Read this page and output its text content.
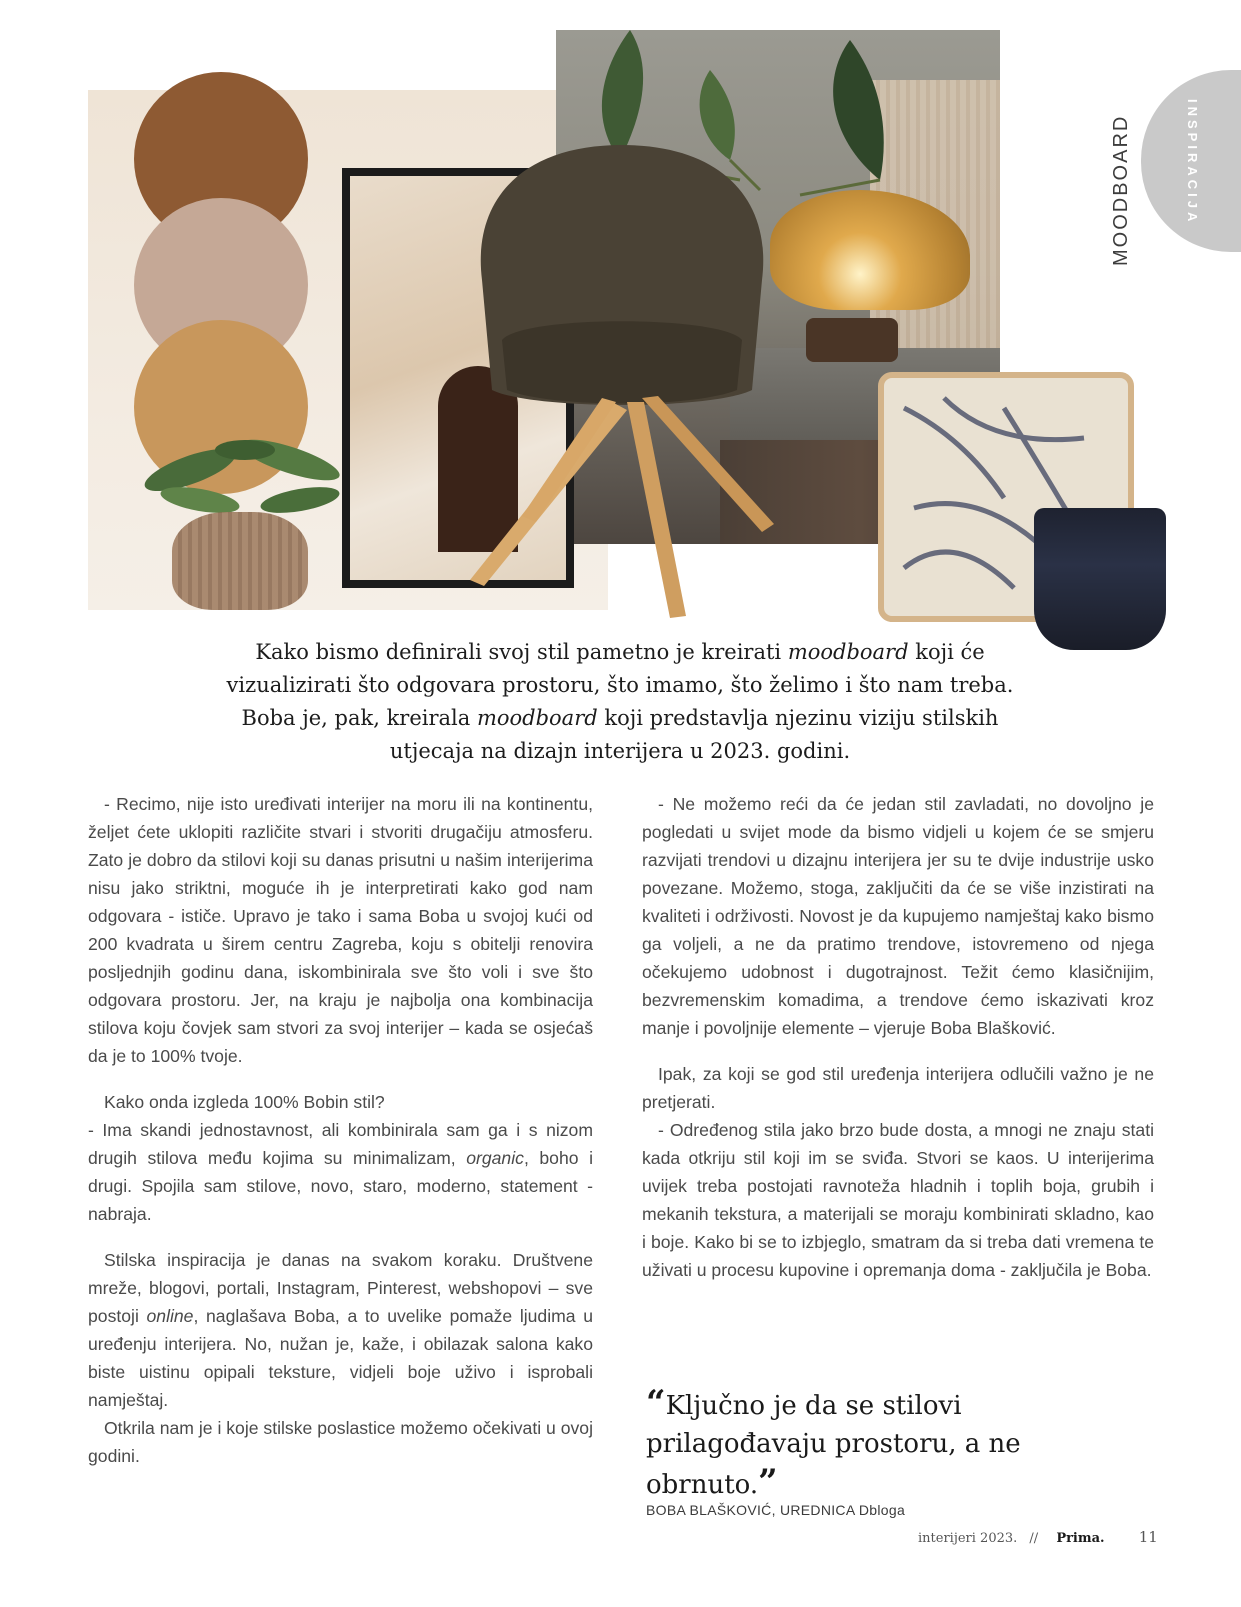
INSPIRACIJA
MOODBOARD
Kako bismo definirali svoj stil pametno je kreirati moodboard koji će
vizualizirati što odgovara prostoru, što imamo, što želimo i što nam treba.
Boba je, pak, kreirala moodboard koji predstavlja njezinu viziju stilskih
utjecaja na dizajn interijera u 2023. godini.

- Recimo, nije isto uređivati interijer na moru ili na kontinentu, željet ćete uklopiti različite stvari i stvoriti drugačiju atmosferu. Zato je dobro da stilovi koji su danas prisutni u našim interijerima nisu jako striktni, moguće ih je interpretirati kako god nam odgovara - ističe. Upravo je tako i sama Boba u svojoj kući od 200 kvadrata u širem centru Zagreba, koju s obitelji renovira posljednjih godinu dana, iskombinirala sve što voli i sve što odgovara prostoru. Jer, na kraju je najbolja ona kombinacija stilova koju čovjek sam stvori za svoj interijer – kada se osjećaš da je to 100% tvoje.

Kako onda izgleda 100% Bobin stil?

- Ima skandi jednostavnost, ali kombinirala sam ga i s nizom drugih stilova među kojima su minimalizam, organic, boho i drugi. Spojila sam stilove, novo, staro, moderno, statement - nabraja.

Stilska inspiracija je danas na svakom koraku. Društvene mreže, blogovi, portali, Instagram, Pinterest, webshopovi – sve postoji online, naglašava Boba, a to uvelike pomaže ljudima u uređenju interijera. No, nužan je, kaže, i obilazak salona kako biste uistinu opipali teksture, vidjeli boje uživo i isprobali namještaj.

Otkrila nam je i koje stilske poslastice možemo očekivati u ovoj godini.

- Ne možemo reći da će jedan stil zavladati, no dovoljno je pogledati u svijet mode da bismo vidjeli u kojem će se smjeru razvijati trendovi u dizajnu interijera jer su te dvije industrije usko povezane. Možemo, stoga, zaključiti da će se više inzistirati na kvaliteti i održivosti. Novost je da kupujemo namještaj kako bismo ga voljeli, a ne da pratimo trendove, istovremeno od njega očekujemo udobnost i dugotrajnost. Težit ćemo klasičnijim, bezvremenskim komadima, a trendove ćemo iskazivati kroz manje i povoljnije elemente – vjeruje Boba Blašković.

Ipak, za koji se god stil uređenja interijera odlučili važno je ne pretjerati.

- Određenog stila jako brzo bude dosta, a mnogi ne znaju stati kada otkriju stil koji im se sviđa. Stvori se kaos. U interijerima uvijek treba postojati ravnoteža hladnih i toplih boja, grubih i mekanih tekstura, a materijali se moraju kombinirati skladno, kao i boje. Kako bi se to izbjeglo, smatram da si treba dati vremena te uživati u procesu kupovine i opremanja doma - zaključila je Boba.

“Ključno je da se stilovi prilagođavaju prostoru, a ne obrnuto.”
BOBA BLAŠKOVIĆ, UREDNICA Dbloga
interijeri 2023. // Prima. 11
